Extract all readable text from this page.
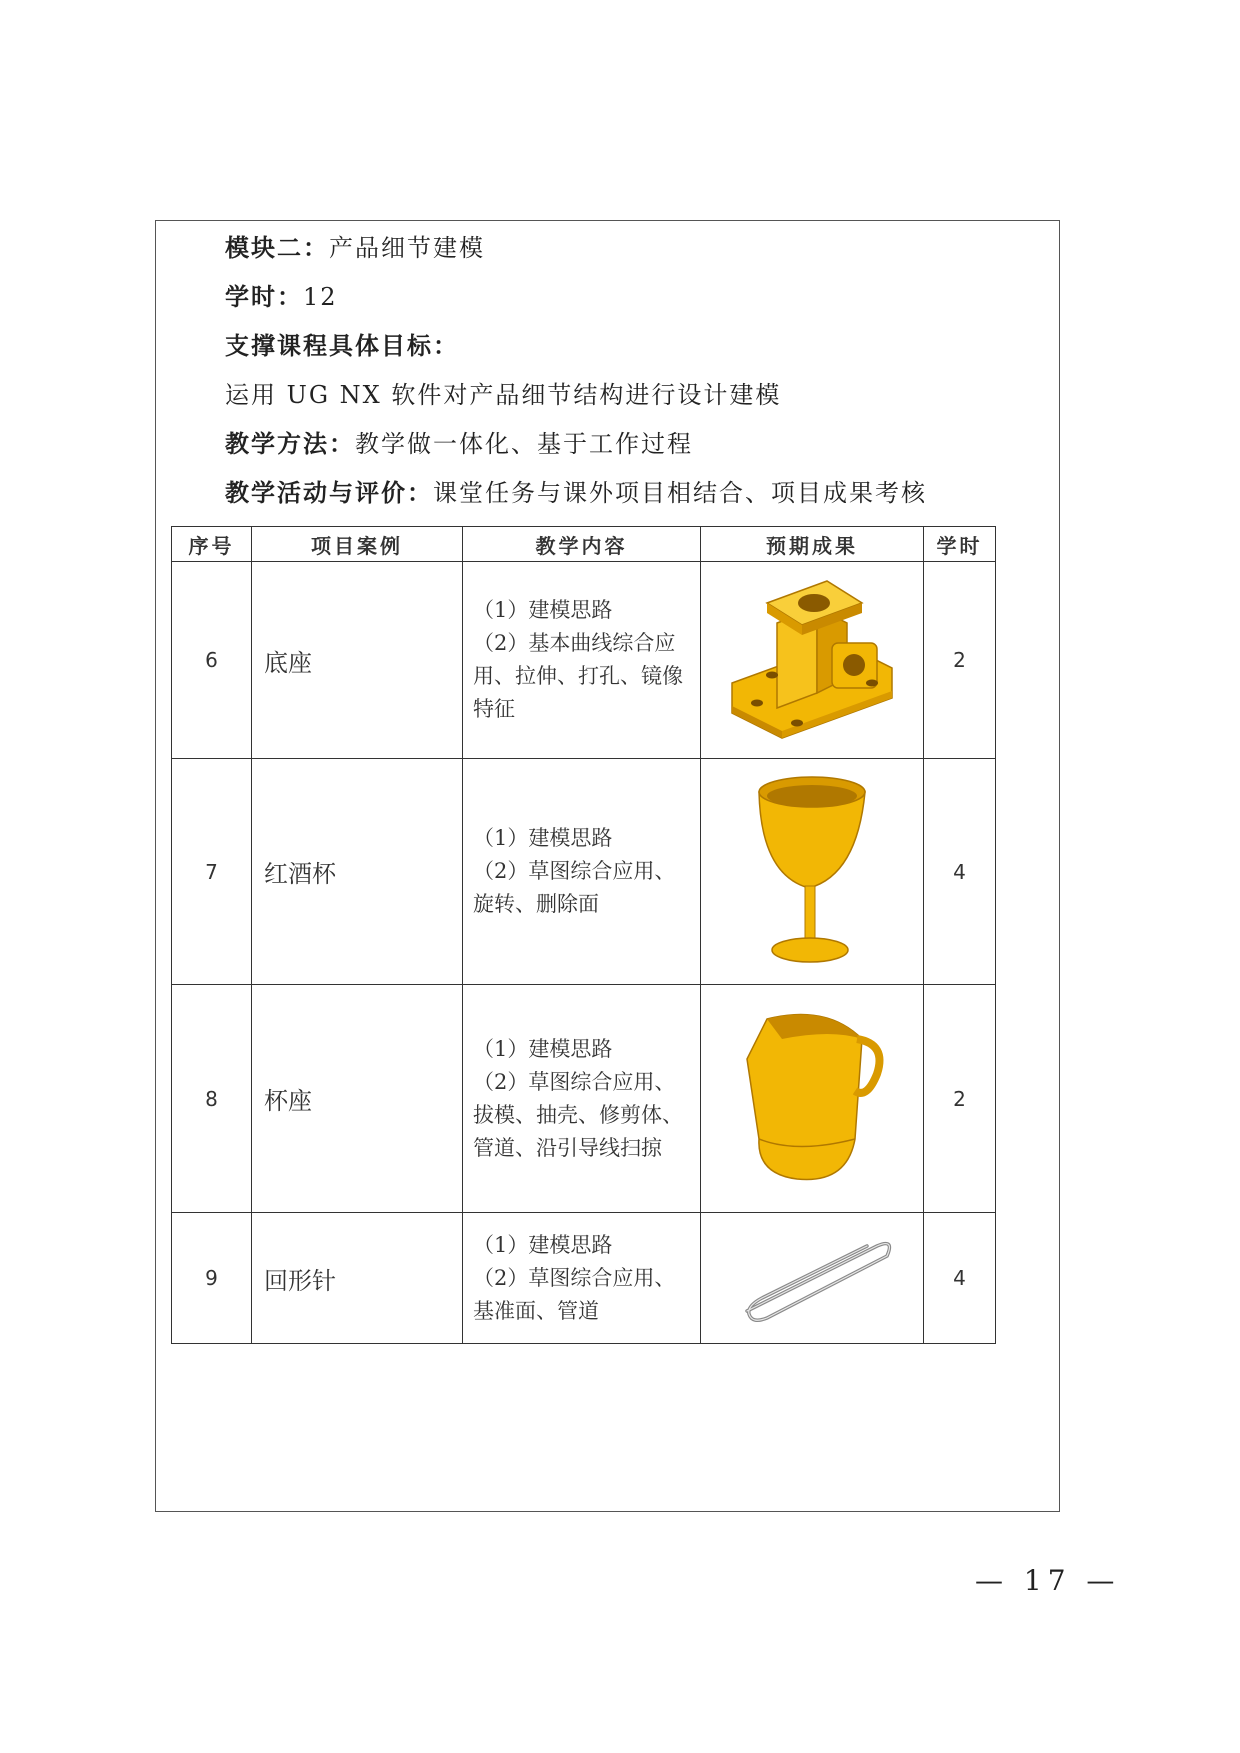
模块二：产品细节建模
学时：12
支撑课程具体目标：
运用 UG NX 软件对产品细节结构进行设计建模
教学方法：教学做一体化、基于工作过程
教学活动与评价：课堂任务与课外项目相结合、项目成果考核
序号	项目案例	教学内容	预期成果	学时
6	底座	（1）建模思路
（2）基本曲线综合应用、拉伸、打孔、镜像特征		2
7	红酒杯	（1）建模思路
（2）草图综合应用、旋转、删除面		4
8	杯座	（1）建模思路
（2）草图综合应用、拔模、抽壳、修剪体、管道、沿引导线扫掠		2
9	回形针	（1）建模思路
（2）草图综合应用、基准面、管道		4
— 17 —
